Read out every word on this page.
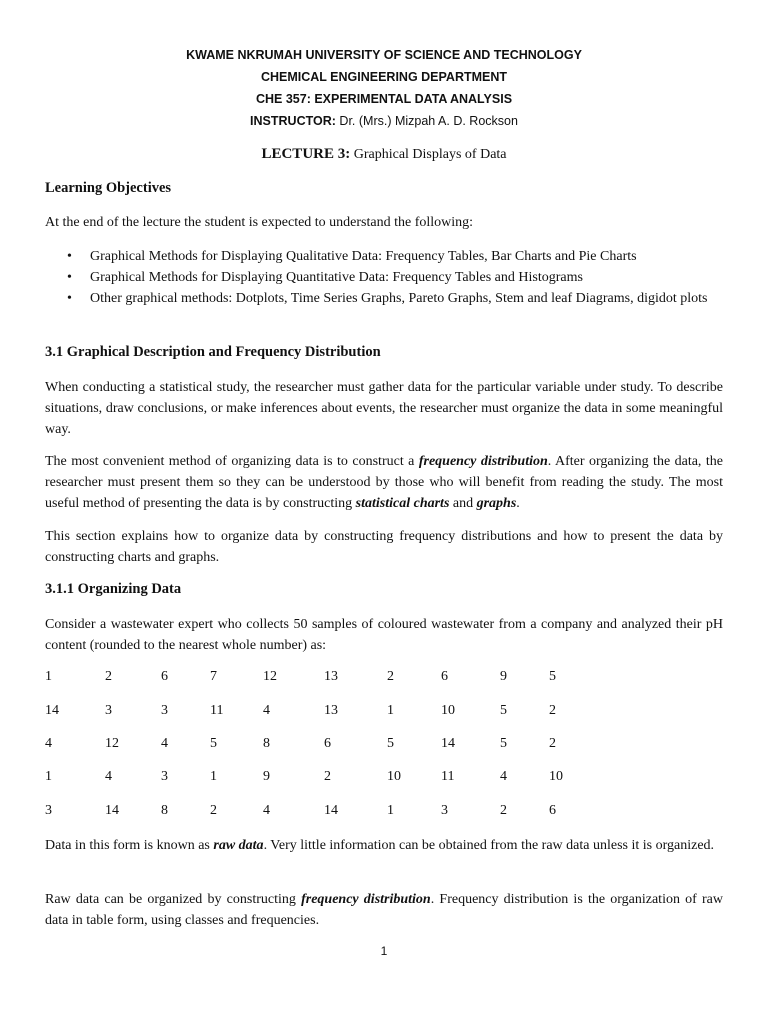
KWAME NKRUMAH UNIVERSITY OF SCIENCE AND TECHNOLOGY
CHEMICAL ENGINEERING DEPARTMENT
CHE 357: EXPERIMENTAL DATA ANALYSIS
INSTRUCTOR: Dr. (Mrs.) Mizpah A. D. Rockson
LECTURE 3: Graphical Displays of Data
Learning Objectives

At the end of the lecture the student is expected to understand the following:

• Graphical Methods for Displaying Qualitative Data: Frequency Tables, Bar Charts and Pie Charts
• Graphical Methods for Displaying Quantitative Data: Frequency Tables and Histograms
• Other graphical methods: Dotplots, Time Series Graphs, Pareto Graphs, Stem and leaf Diagrams, digidot plots
3.1 Graphical Description and Frequency Distribution

When conducting a statistical study, the researcher must gather data for the particular variable under study. To describe situations, draw conclusions, or make inferences about events, the researcher must organize the data in some meaningful way.

The most convenient method of organizing data is to construct a frequency distribution. After organizing the data, the researcher must present them so they can be understood by those who will benefit from reading the study. The most useful method of presenting the data is by constructing statistical charts and graphs.

This section explains how to organize data by constructing frequency distributions and how to present the data by constructing charts and graphs.

3.1.1 Organizing Data

Consider a wastewater expert who collects 50 samples of coloured wastewater from a company and analyzed their pH content (rounded to the nearest whole number) as:

1	2	6	7	12	13	2	6	9	5
14	3	3	11	4	13	1	10	5	2
4	12	4	5	8	6	5	14	5	2
1	4	3	1	9	2	10	11	4	10
3	14	8	2	4	14	1	3	2	6

Data in this form is known as raw data. Very little information can be obtained from the raw data unless it is organized.

Raw data can be organized by constructing frequency distribution. Frequency distribution is the organization of raw data in table form, using classes and frequencies.

1
